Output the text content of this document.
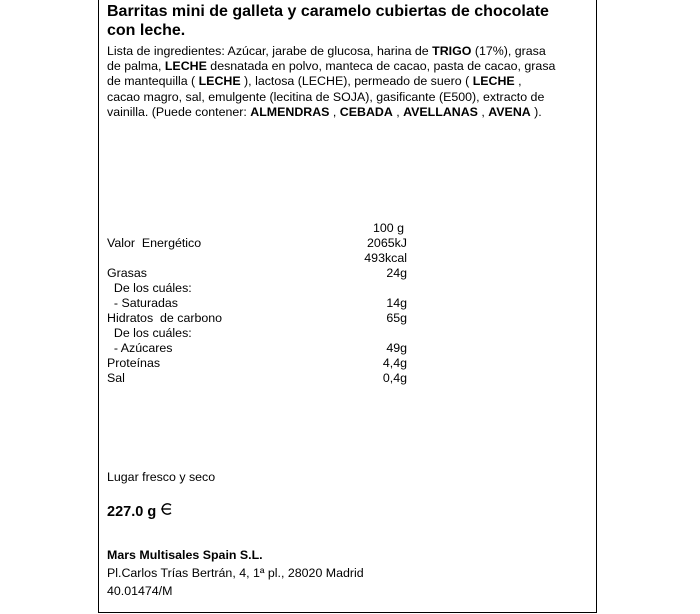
Barritas mini de galleta y caramelo cubiertas de chocolate
con leche.
Lista de ingredientes: Azúcar, jarabe de glucosa, harina de TRIGO (17%), grasa
de palma, LECHE desnatada en polvo, manteca de cacao, pasta de cacao, grasa
de mantequilla ( LECHE ), lactosa (LECHE), permeado de suero ( LECHE ,
cacao magro, sal, emulgente (lecitina de SOJA), gasificante (E500), extracto de
vainilla. (Puede contener: ALMENDRAS , CEBADA , AVELLANAS , AVENA ).
100 g
Valor  Energético	2065kJ
493kcal
Grasas	24g
De los cuáles:
- Saturadas	14g
Hidratos  de carbono	65g
De los cuáles:
- Azúcares	49g
Proteínas	4,4g
Sal	0,4g
Lugar fresco y seco
227.0 g
Mars Multisales Spain S.L.
Pl.Carlos Trías Bertrán, 4, 1ª pl., 28020 Madrid
40.01474/M
